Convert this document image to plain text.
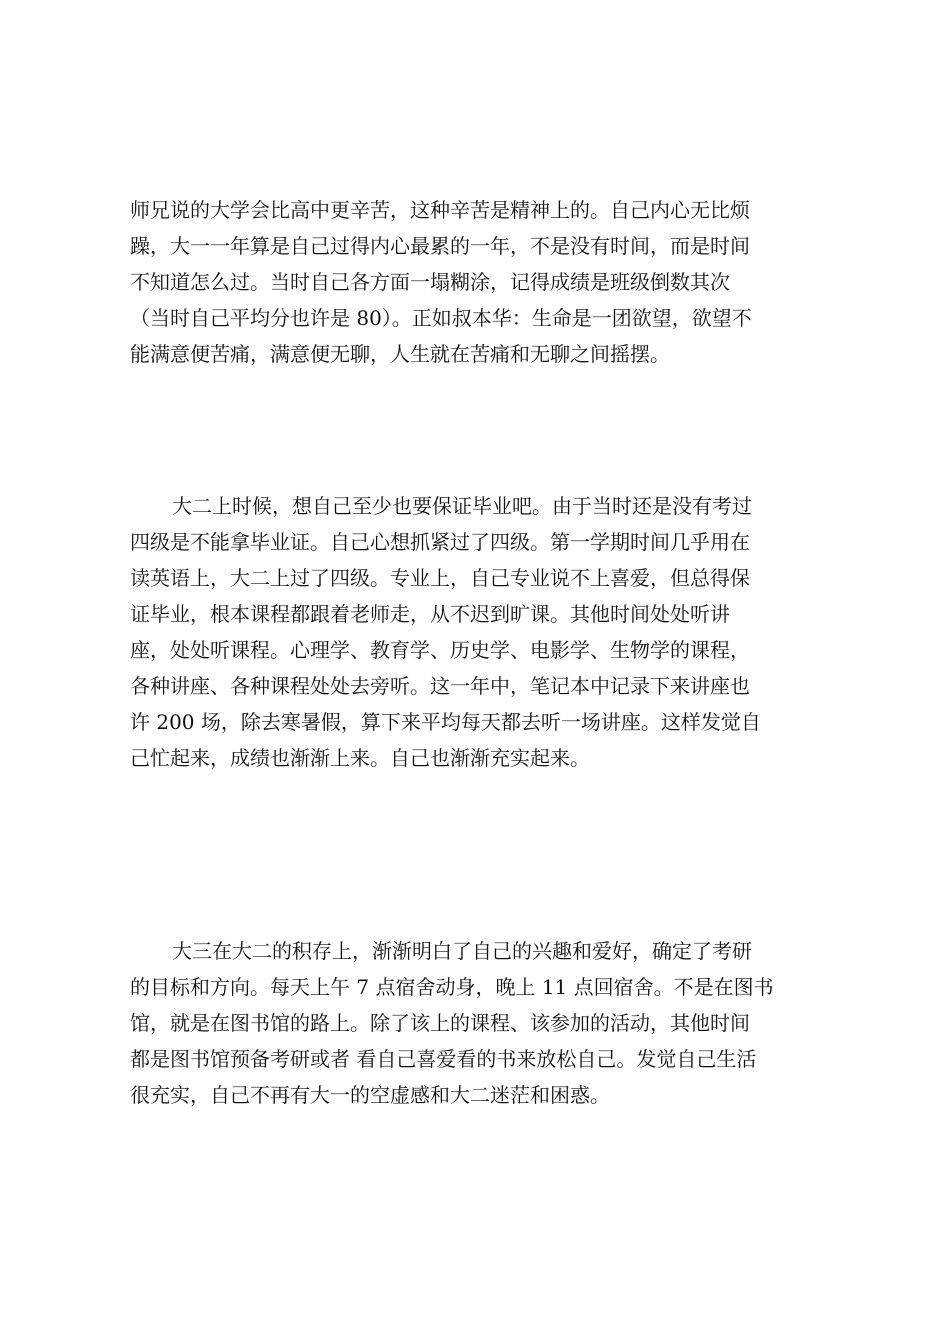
师兄说的大学会比高中更辛苦，这种辛苦是精神上的。自己内心无比烦
躁，大一一年算是自己过得内心最累的一年，不是没有时间，而是时间
不知道怎么过。当时自己各方面一塌糊涂，记得成绩是班级倒数其次
（当时自己平均分也许是 80）。正如叔本华：生命是一团欲望，欲望不
能满意便苦痛，满意便无聊，人生就在苦痛和无聊之间摇摆。
大二上时候，想自己至少也要保证毕业吧。由于当时还是没有考过
四级是不能拿毕业证。自己心想抓紧过了四级。第一学期时间几乎用在
读英语上，大二上过了四级。专业上，自己专业说不上喜爱，但总得保
证毕业，根本课程都跟着老师走，从不迟到旷课。其他时间处处听讲
座，处处听课程。心理学、教育学、历史学、电影学、生物学的课程，
各种讲座、各种课程处处去旁听。这一年中，笔记本中记录下来讲座也
许 200 场，除去寒暑假，算下来平均每天都去听一场讲座。这样发觉自
己忙起来，成绩也渐渐上来。自己也渐渐充实起来。
大三在大二的积存上，渐渐明白了自己的兴趣和爱好，确定了考研
的目标和方向。每天上午 7 点宿舍动身，晚上 11 点回宿舍。不是在图书
馆，就是在图书馆的路上。除了该上的课程、该参加的活动，其他时间
都是图书馆预备考研或者 看自己喜爱看的书来放松自己。发觉自己生活
很充实，自己不再有大一的空虚感和大二迷茫和困惑。
